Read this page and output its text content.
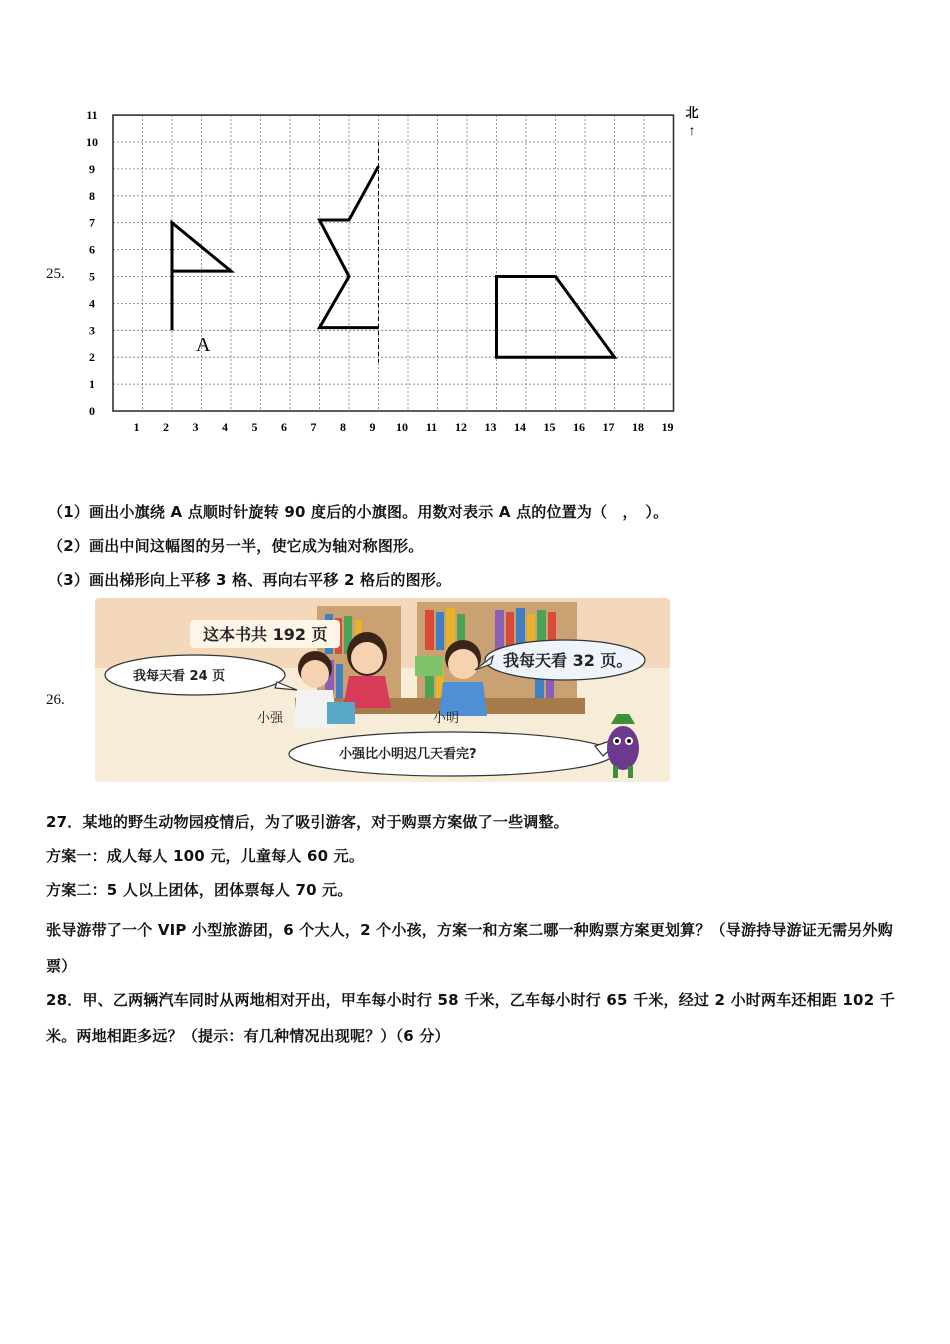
25.
0
1
2
3
4
5
6
7
8
9
10
11
1 2 3 4 5 6 7 8 9 10 11 12 13 14 15 16 17 18 19
北
↑
A
（1）画出小旗绕 A 点顺时针旋转 90 度后的小旗图。用数对表示 A 点的位置为（　，　）。
（2）画出中间这幅图的另一半，使它成为轴对称图形。
（3）画出梯形向上平移 3 格、再向右平移 2 格后的图形。
26.
这本书共 192 页
我每天看 24 页
我每天看 32 页。
小强	小明
小强比小明迟几天看完?
27．某地的野生动物园疫情后，为了吸引游客，对于购票方案做了一些调整。
方案一：成人每人 100 元，儿童每人 60 元。
方案二：5 人以上团体，团体票每人 70 元。
张导游带了一个 VIP 小型旅游团，6 个大人，2 个小孩，方案一和方案二哪一种购票方案更划算？（导游持导游证无需另外购票）
28．甲、乙两辆汽车同时从两地相对开出，甲车每小时行 58 千米，乙车每小时行 65 千米，经过 2 小时两车还相距 102 千米。两地相距多远？（提示：有几种情况出现呢？）（6 分）
